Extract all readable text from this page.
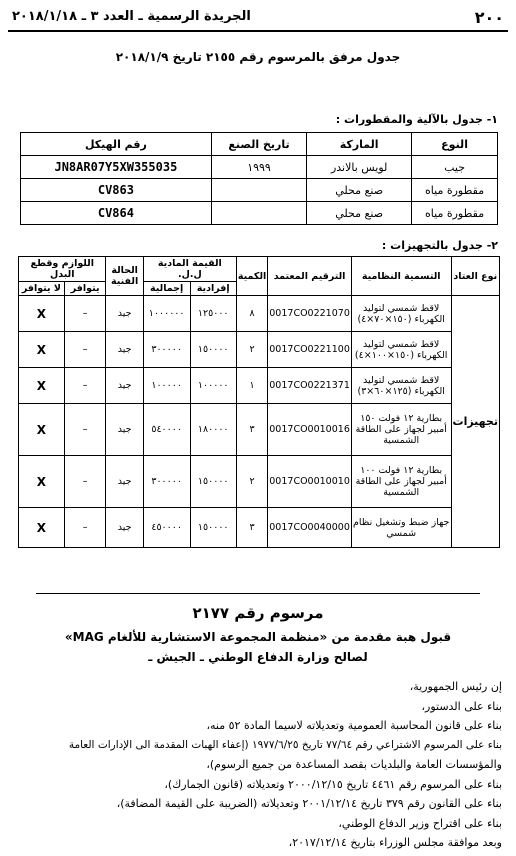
٢٠٠
الجريدة الرسمية ـ العدد ٣ ـ ٢٠١٨/١/١٨
جدول مرفق بالمرسوم رقم ٢١٥٥ تاريخ ٢٠١٨/١/٩
١- جدول بالآلية والمقطورات :
النوع	الماركة	تاريخ الصنع	رقم الهيكل
جيب	لويس بالاندر	١٩٩٩	JN8AR07Y5XW355035
مقطورة مياه	صنع محلي		CV863
مقطورة مياه	صنع محلي		CV864
٢- جدول بالتجهيزات :
نوع العتاد	التسمية النظامية	الترقيم المعتمد	الكمية	القيمة المادية ل.ل.		الحالة الفنية	اللوازم وقطع البدل	
				إفرادية	إجمالية		يتوافر	لا يتوافر
تجهيزات	لاقط شمسي لتوليد الكهرباء (١٥٠×٧٠×٤)	0017CO0221070	٨	١٢٥٠٠٠	١٠٠٠٠٠٠	جيد	–	X
	لاقط شمسي لتوليد الكهرباء (١٥٠×١٠٠×٤)	0017CO0221100	٢	١٥٠٠٠٠	٣٠٠٠٠٠	جيد	–	X
	لاقط شمسي لتوليد الكهرباء (١٢٥×٦٠×٣)	0017CO0221371	١	١٠٠٠٠٠	١٠٠٠٠٠	جيد	–	X
	بطارية ١٢ فولت ١٥٠ أمبير لجهاز على الطاقة الشمسية	0017CO0010016	٣	١٨٠٠٠٠	٥٤٠٠٠٠	جيد	–	X
	بطارية ١٢ فولت ١٠٠ أمبير لجهاز على الطاقة الشمسية	0017CO0010010	٢	١٥٠٠٠٠	٣٠٠٠٠٠	جيد	–	X
	جهاز ضبط وتشغيل نظام شمسي	0017CO0040000	٣	١٥٠٠٠٠	٤٥٠٠٠٠	جيد	–	X
مرسوم رقم ٢١٧٧
قبول هبة مقدمة من «منظمة المجموعة الاستشارية للألغام MAG»
لصالح وزارة الدفاع الوطني ـ الجيش ـ
إن رئيس الجمهورية،
بناء على الدستور،
بناء على قانون المحاسبة العمومية وتعديلاته لاسيما المادة ٥٢ منه،
بناء على المرسوم الاشتراعي رقم ٧٧/٦٤ تاريخ ١٩٧٧/٦/٢٥ (إعفاء الهبات المقدمة الى الإدارات العامة
والمؤسسات العامة والبلديات بقصد المساعدة من جميع الرسوم)،
بناء على المرسوم رقم ٤٤٦١ تاريخ ٢٠٠٠/١٢/١٥ وتعديلاته (قانون الجمارك)،
بناء على القانون رقم ٣٧٩ تاريخ ٢٠٠١/١٢/١٤ وتعديلاته (الضريبة على القيمة المضافة)،
بناء على اقتراح وزير الدفاع الوطني،
وبعد موافقة مجلس الوزراء بتاريخ ٢٠١٧/١٢/١٤،
